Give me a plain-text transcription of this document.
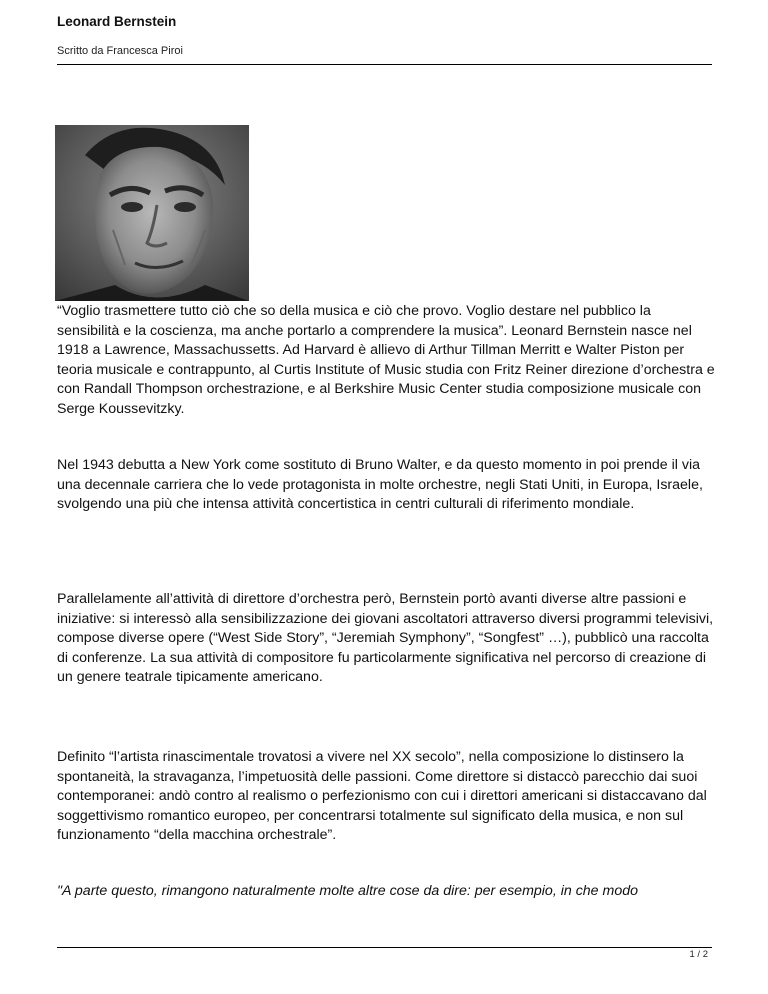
Leonard Bernstein
Scritto da Francesca Piroi
“Voglio trasmettere tutto ciò che so della musica e ciò che provo. Voglio destare nel pubblico la sensibilità e la coscienza, ma anche portarlo a comprendere la musica”. Leonard Bernstein nasce nel 1918 a Lawrence, Massachussetts. Ad Harvard è allievo di Arthur Tillman Merritt e Walter Piston per teoria musicale e contrappunto, al Curtis Institute of Music studia con Fritz Reiner direzione d’orchestra e con Randall Thompson orchestrazione, e al Berkshire Music Center studia composizione musicale con Serge Koussevitzky.
Nel 1943 debutta a New York come sostituto di Bruno Walter, e da questo momento in poi prende il via una decennale carriera che lo vede protagonista in molte orchestre, negli Stati Uniti, in Europa, Israele, svolgendo una più che intensa attività concertistica in centri culturali di riferimento mondiale.
Parallelamente all’attività di direttore d’orchestra però, Bernstein portò avanti diverse altre passioni e iniziative: si interessò alla sensibilizzazione dei giovani ascoltatori attraverso diversi programmi televisivi, compose diverse opere (“West Side Story”, “Jeremiah Symphony”, “Songfest” …), pubblicò una raccolta di conferenze. La sua attività di compositore fu particolarmente significativa nel percorso di creazione di un genere teatrale tipicamente americano.
Definito “l’artista rinascimentale trovatosi a vivere nel XX secolo”, nella composizione lo distinsero la spontaneità, la stravaganza, l’impetuosità delle passioni. Come direttore si distaccò parecchio dai suoi contemporanei: andò contro al realismo o perfezionismo con cui i direttori americani si distaccavano dal soggettivismo romantico europeo, per concentrarsi totalmente sul significato della musica, e non sul funzionamento “della macchina orchestrale”.
"A parte questo, rimangono naturalmente molte altre cose da dire: per esempio, in che modo
1 / 2
